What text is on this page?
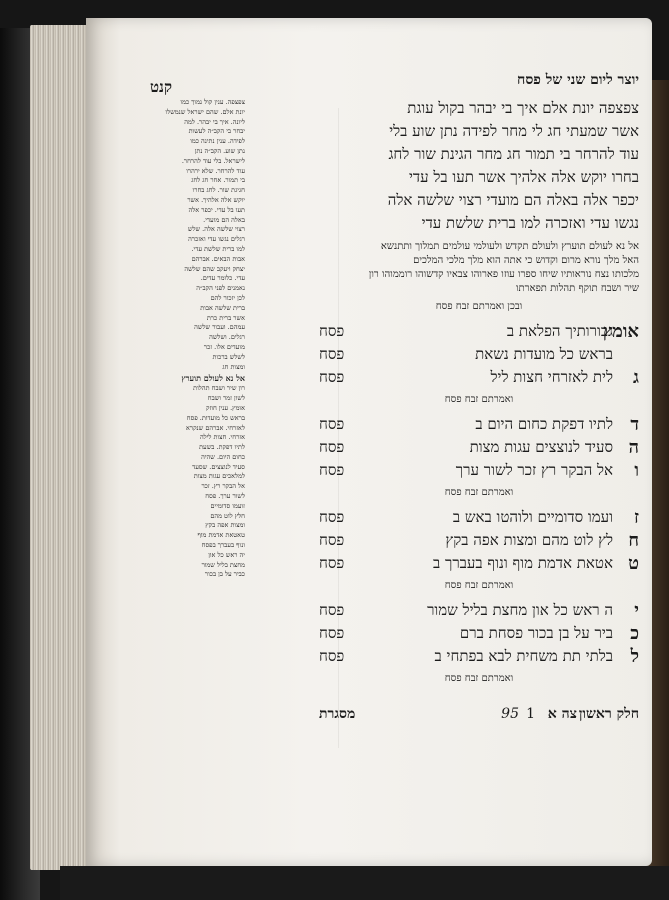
קנט	יוצר ליום שני של פסח
צפצפה יונת אלם איך בי יבהר בקול עוגת
אשר שמעתי חג לי מחר לפידה נתן שוע בלי
עוד להרחר בי תמור חג מחר הגינת שור לחג
בחרו יוקש אלה אלהיך אשר תעו בל עדי
יכפר אלה באלה הם מועדי רצוי שלשה אלה
נגשו עדי ואזכרה למו ברית שלשת עדי
אל נא לעולם תוערץ ולעולם תקדש ולעולמי עולמים תמלוך ותתנשא
האל מלך נורא מרום וקדוש כי אתה הוא מלך מלכי המלכים
מלכותו נצח נוראותיו שיחו ספרו עוזו פארוהו צבאיו קדשוהו רוממוהו רון
שיר ושבח תוקף תהלות תפארתו
ובכן ואמרתם זבח פסח
אומץ
גבורותיך הפלאת ב
פסח
בראש כל מועדות נשאת
פסח
ג
לית לאזרחי חצות ליל
פסח
ואמרתם זבח פסח
ד
לתיו דפקת כחום היום ב
פסח
ה
סעיד לנוצצים עגות מצות
פסח
ו
אל הבקר רץ זכר לשור ערך
פסח
ואמרתם זבח פסח
ז
ועמו סדומיים ולוהטו באש ב
פסח
ח
לץ לוט מהם ומצות אפה בקץ
פסח
ט
אטאת אדמת מוף ונוף בעברך ב
פסח
ואמרתם זבח פסח
י
ה ראש כל און מחצת בליל שמור
פסח
כ
ביר על בן בכור פסחת ברם
פסח
ל
בלתי תת משחית לבא בפתחי ב
פסח
ואמרתם זבח פסח
חלק ראשון
צה א
1
95
מסגרת
צפצפה. ענין קול נמוך כמו
יונת אלם. שהם ישראל שנמשלו
ליונה. איך בי יבהר. למה
יבחר בי הקב״ה לעשות
לפידה. ענין נתינה כמו
נתן שוע. הקב״ה נתן
לישראל. בלי עוד להרחר.
עוד להרחר. שלא ירהרו
בי תמור. אחר חג לחג
חגיגת שור. לחג בחרו
יוקש אלה אלהיך. אשר
תעו בל עדי. יכפר אלה
באלה הם מועדי.
רצוי שלשה אלה. שלש
רגלים נגשו עדי ואזכרה
למו ברית שלשת עדי.
אבות הבאים. אברהם
יצחק ויעקב שהם שלשה
עדי. כלומר עדים.
נאמנים לפני הקב״ה
לכן יזכור להם
ברית שלשה אבות
אשר ברית כרת
עמהם. ועבור שלשה
רגלים. ושלשה
מועדים אלו. זכר
לשלש ברכות
ומצות חג
אל נא לעולם תוערץ
רון שיר ושבח תהלות
לשון זמר ושבח
אומץ. ענין חוזק
בראש כל מועדות. פסח
לאזרחי. אברהם שנקרא
אזרחי. חצות לילה
לתיו דפקת. בשעת
כחום היום. שהיה
סעיד לנוצצים. שסעד
למלאכים עגות מצות
אל הבקר רץ. זכר
לשור ערך. פסח
זועמו סדומיים
חלץ לוט מהם
ומצות אפה בקץ
טאטאת אדמת מוף
ונוף בעברך בפסח
יה ראש כל און
מחצת בליל שמור
כביר על בן בכור
